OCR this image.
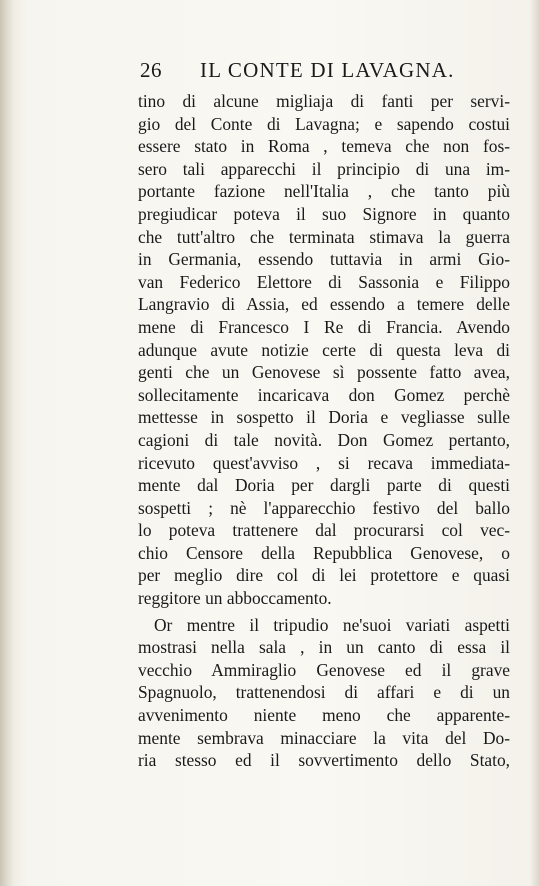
26 IL CONTE DI LAVAGNA.
tino di alcune migliaja di fanti per servi-
gio del Conte di Lavagna; e sapendo costui
essere stato in Roma , temeva che non fos-
sero tali apparecchi il principio di una im-
portante fazione nell'Italia , che tanto più
pregiudicar poteva il suo Signore in quanto
che tutt'altro che terminata stimava la guerra
in Germania, essendo tuttavia in armi Gio-
van Federico Elettore di Sassonia e Filippo
Langravio di Assia, ed essendo a temere delle
mene di Francesco I Re di Francia. Avendo
adunque avute notizie certe di questa leva di
genti che un Genovese sì possente fatto avea,
sollecitamente incaricava don Gomez perchè
mettesse in sospetto il Doria e vegliasse sulle
cagioni di tale novità. Don Gomez pertanto,
ricevuto quest'avviso , si recava immediata-
mente dal Doria per dargli parte di questi
sospetti ; nè l'apparecchio festivo del ballo
lo poteva trattenere dal procurarsi col vec-
chio Censore della Repubblica Genovese, o
per meglio dire col di lei protettore e quasi
reggitore un abboccamento.
Or mentre il tripudio ne'suoi variati aspetti
mostrasi nella sala , in un canto di essa il
vecchio Ammiraglio Genovese ed il grave
Spagnuolo, trattenendosi di affari e di un
avvenimento niente meno che apparente-
mente sembrava minacciare la vita del Do-
ria stesso ed il sovvertimento dello Stato,
